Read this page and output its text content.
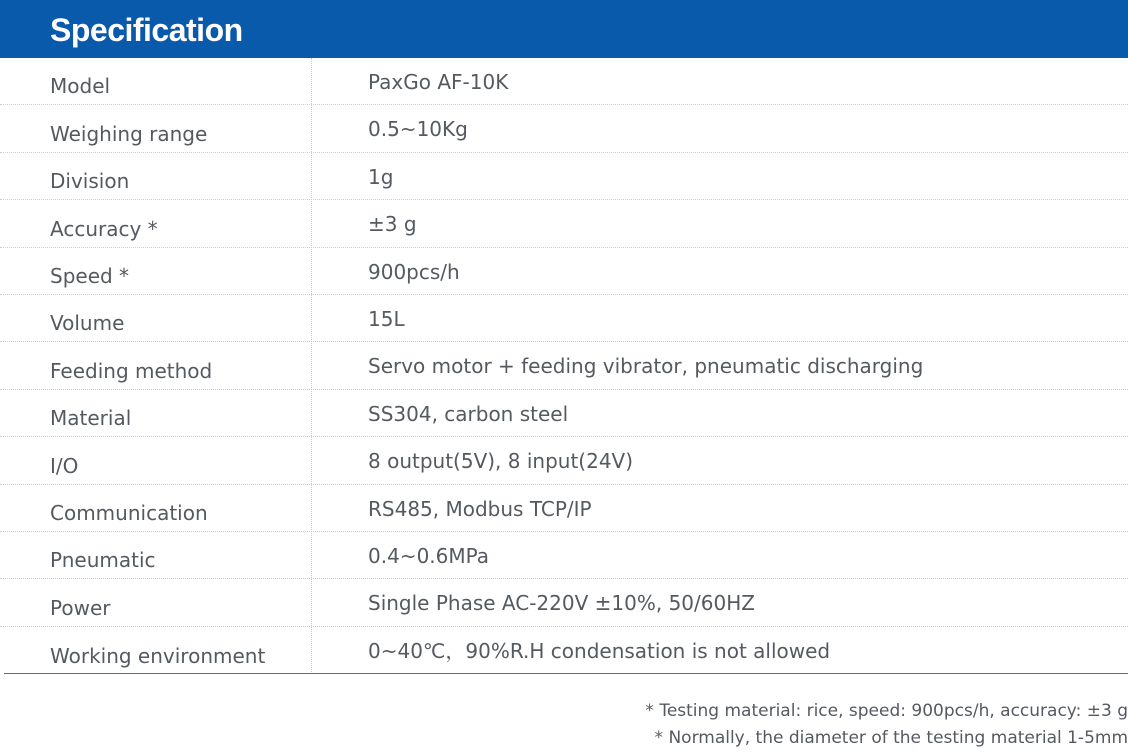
Specification
Model	PaxGo AF-10K
Weighing range	0.5~10Kg
Division	1g
Accuracy *	±3 g
Speed *	900pcs/h
Volume	15L
Feeding method	Servo motor + feeding vibrator, pneumatic discharging
Material	SS304, carbon steel
I/O	8 output(5V), 8 input(24V)
Communication	RS485, Modbus TCP/IP
Pneumatic	0.4~0.6MPa
Power	Single Phase AC-220V ±10%, 50/60HZ
Working environment	0~40℃，90%R.H condensation is not allowed
* Testing material: rice, speed: 900pcs/h, accuracy: ±3 g
* Normally, the diameter of the testing material 1-5mm
